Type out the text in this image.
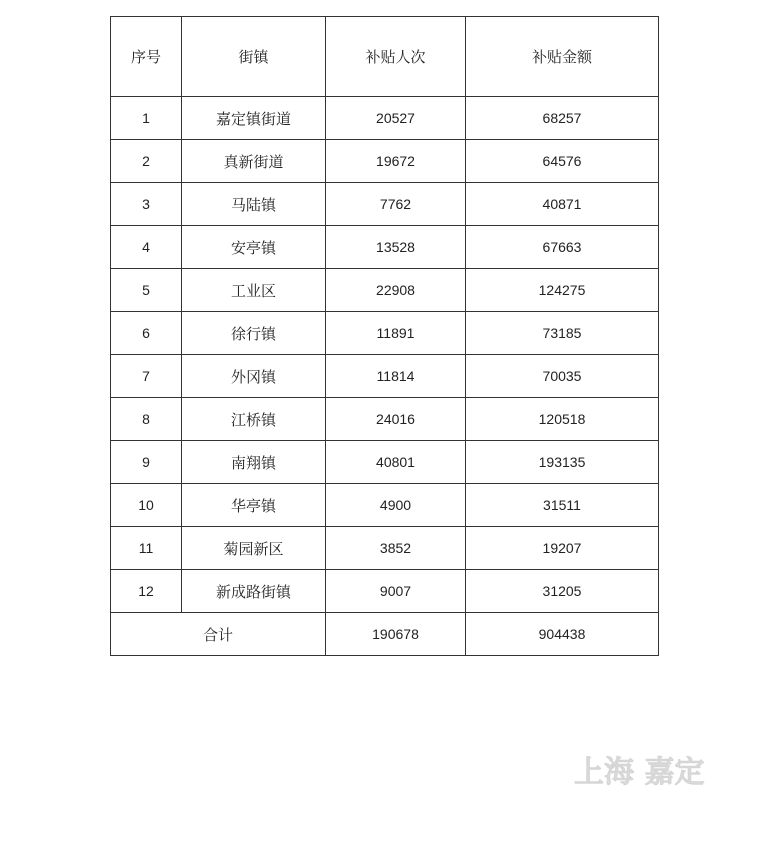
序号	街镇	补贴人次	补贴金额
1	嘉定镇街道	20527	68257
2	真新街道	19672	64576
3	马陆镇	7762	40871
4	安亭镇	13528	67663
5	工业区	22908	124275
6	徐行镇	11891	73185
7	外冈镇	11814	70035
8	江桥镇	24016	120518
9	南翔镇	40801	193135
10	华亭镇	4900	31511
11	菊园新区	3852	19207
12	新成路街镇	9007	31205
合计		190678	904438
上海 嘉定
